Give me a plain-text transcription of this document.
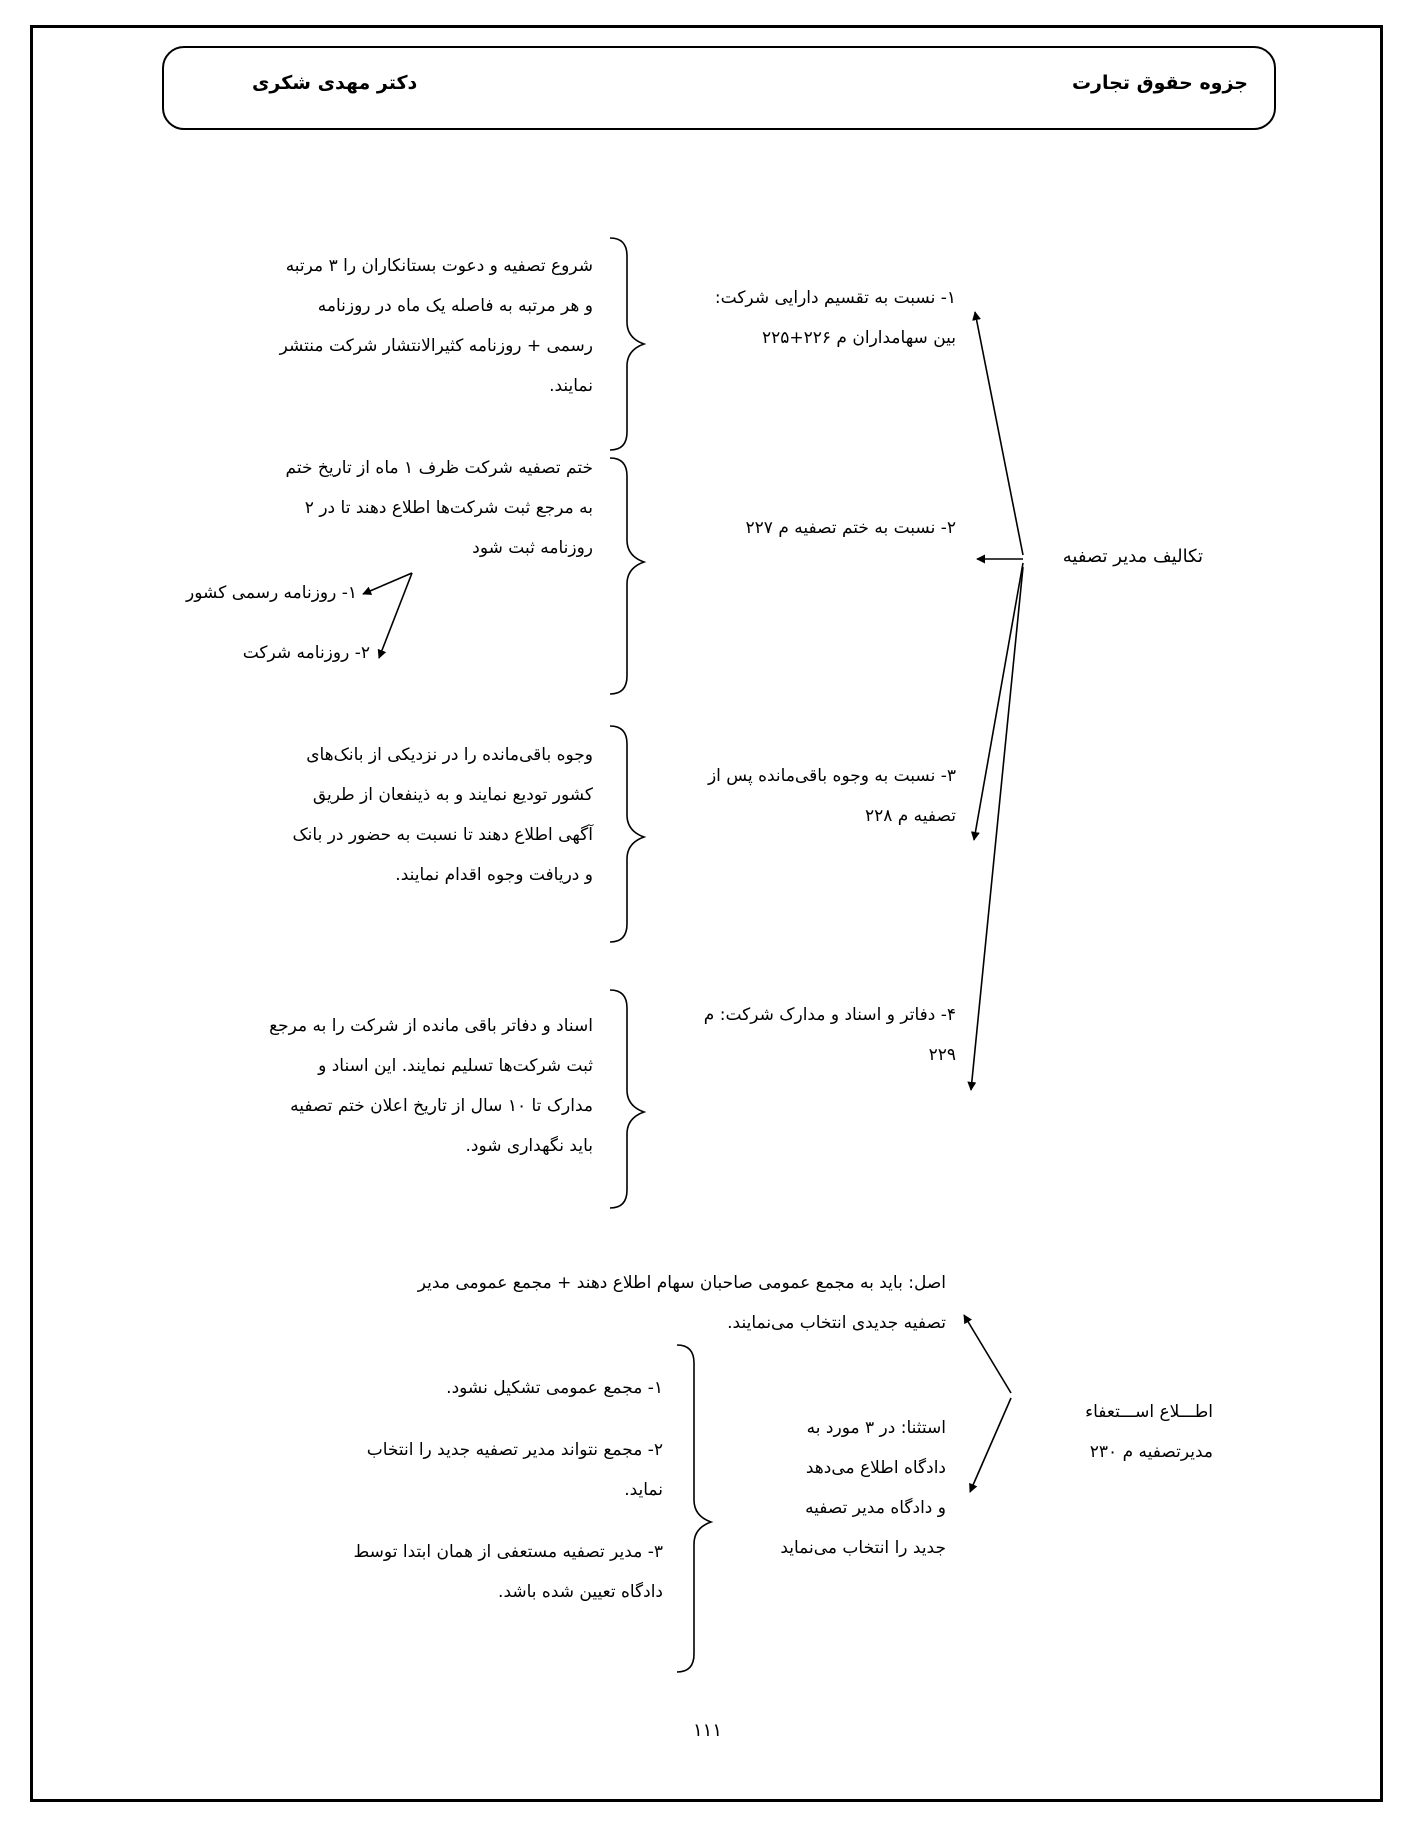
جزوه حقوق تجارت
دکتر مهدی شکری
تکالیف مدیر تصفیه
۱- نسبت به تقسیم دارایی شرکت:
بین سهامداران م ۲۲۶+۲۲۵
شروع تصفیه و دعوت بستانکاران را ۳ مرتبه
و هر مرتبه به فاصله یک ماه در روزنامه
رسمی + روزنامه کثیرالانتشار شرکت منتشر
نمایند.
۲- نسبت به ختم تصفیه م ۲۲۷
ختم تصفیه شرکت ظرف ۱ ماه از تاریخ ختم
به مرجع ثبت شرکت‌ها اطلاع دهند تا در ۲
روزنامه ثبت شود
۱- روزنامه رسمی کشور
۲- روزنامه شرکت
۳- نسبت به وجوه باقی‌مانده پس از
تصفیه م ۲۲۸
وجوه باقی‌مانده را در نزدیکی از بانک‌های
کشور تودیع نمایند و به ذینفعان از طریق
آگهی اطلاع دهند تا نسبت به حضور در بانک
و دریافت وجوه اقدام نمایند.
۴- دفاتر و اسناد و مدارک شرکت: م
۲۲۹
اسناد و دفاتر باقی مانده از شرکت را به مرجع
ثبت شرکت‌ها تسلیم نمایند. این اسناد و
مدارک تا ۱۰ سال از تاریخ اعلان ختم تصفیه
باید نگهداری شود.
اطـــلاع اســـتعفاء
مدیرتصفیه م ۲۳۰
اصل: باید به مجمع عمومی صاحبان سهام اطلاع دهند + مجمع عمومی مدیر
تصفیه جدیدی انتخاب می‌نمایند.
استثنا: در ۳ مورد به
دادگاه اطلاع می‌دهد
و دادگاه مدیر تصفیه
جدید را انتخاب می‌نماید
۱- مجمع عمومی تشکیل نشود.
۲- مجمع نتواند مدیر تصفیه جدید را انتخاب
نماید.
۳- مدیر تصفیه مستعفی از همان ابتدا توسط
دادگاه تعیین شده باشد.
۱۱۱
